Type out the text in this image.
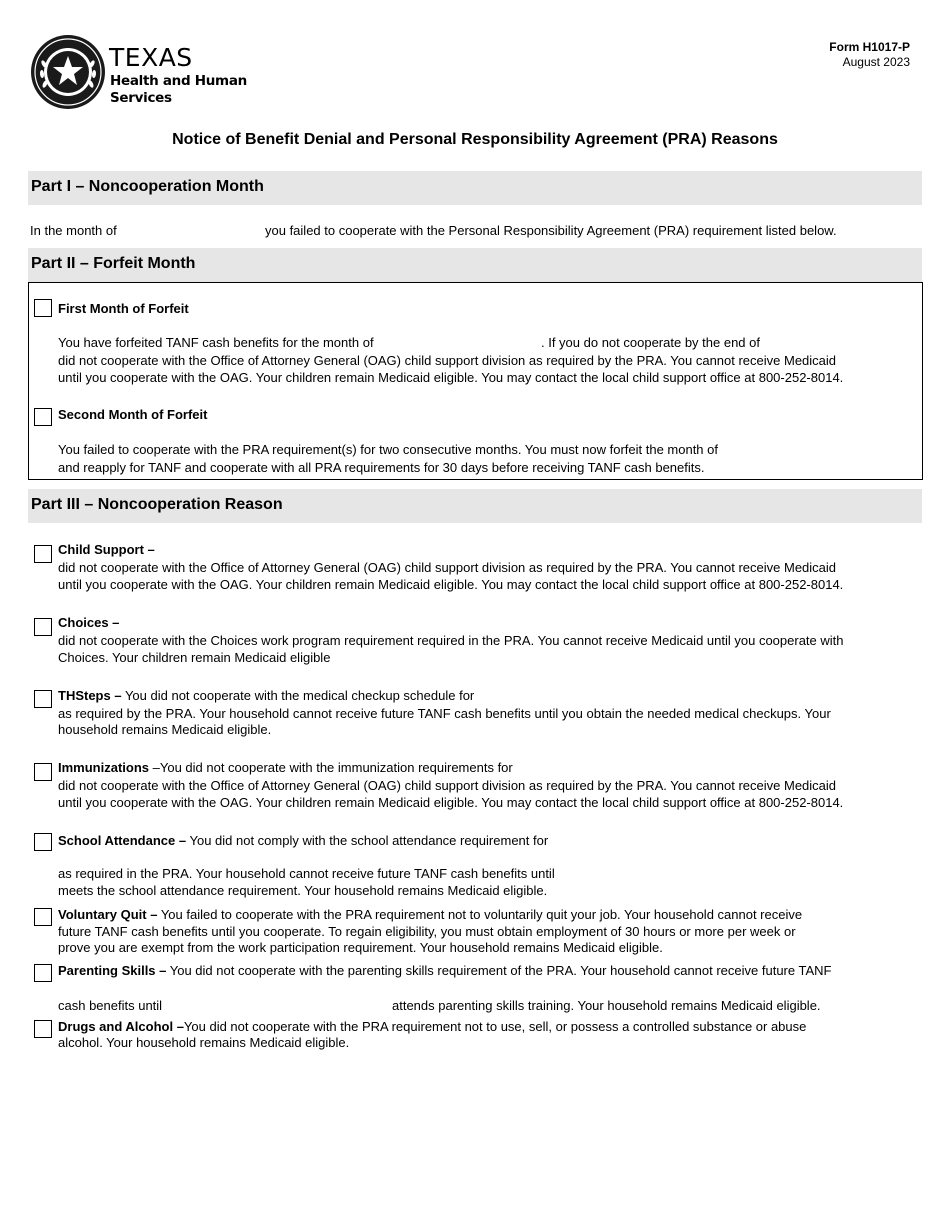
TEXAS
Health and Human
Services
Form H1017-P
August 2023
Notice of Benefit Denial and Personal Responsibility Agreement (PRA) Reasons
Part I – Noncooperation Month
In the month of	you failed to cooperate with the Personal Responsibility Agreement (PRA) requirement listed below.
Part II – Forfeit Month
First Month of Forfeit
You have forfeited TANF cash benefits for the month of	. If you do not cooperate by the end of
did not cooperate with the Office of Attorney General (OAG) child support division as required by the PRA. You cannot receive Medicaid
until you cooperate with the OAG. Your children remain Medicaid eligible. You may contact the local child support office at 800-252-8014.
Second Month of Forfeit
You failed to cooperate with the PRA requirement(s) for two consecutive months. You must now forfeit the month of
and reapply for TANF and cooperate with all PRA requirements for 30 days before receiving TANF cash benefits.
Part III – Noncooperation Reason
Child Support –
did not cooperate with the Office of Attorney General (OAG) child support division as required by the PRA. You cannot receive Medicaid
until you cooperate with the OAG. Your children remain Medicaid eligible. You may contact the local child support office at 800-252-8014.
Choices –
did not cooperate with the Choices work program requirement required in the PRA. You cannot receive Medicaid until you cooperate with
Choices. Your children remain Medicaid eligible
THSteps – You did not cooperate with the medical checkup schedule for
as required by the PRA. Your household cannot receive future TANF cash benefits until you obtain the needed medical checkups. Your
household remains Medicaid eligible.
Immunizations –You did not cooperate with the immunization requirements for
did not cooperate with the Office of Attorney General (OAG) child support division as required by the PRA. You cannot receive Medicaid
until you cooperate with the OAG. Your children remain Medicaid eligible. You may contact the local child support office at 800-252-8014.
School Attendance – You did not comply with the school attendance requirement for
as required in the PRA. Your household cannot receive future TANF cash benefits until
meets the school attendance requirement. Your household remains Medicaid eligible.
Voluntary Quit – You failed to cooperate with the PRA requirement not to voluntarily quit your job. Your household cannot receive
future TANF cash benefits until you cooperate. To regain eligibility, you must obtain employment of 30 hours or more per week or
prove you are exempt from the work participation requirement. Your household remains Medicaid eligible.
Parenting Skills – You did not cooperate with the parenting skills requirement of the PRA. Your household cannot receive future TANF
cash benefits until	attends parenting skills training. Your household remains Medicaid eligible.
Drugs and Alcohol –You did not cooperate with the PRA requirement not to use, sell, or possess a controlled substance or abuse
alcohol. Your household remains Medicaid eligible.
